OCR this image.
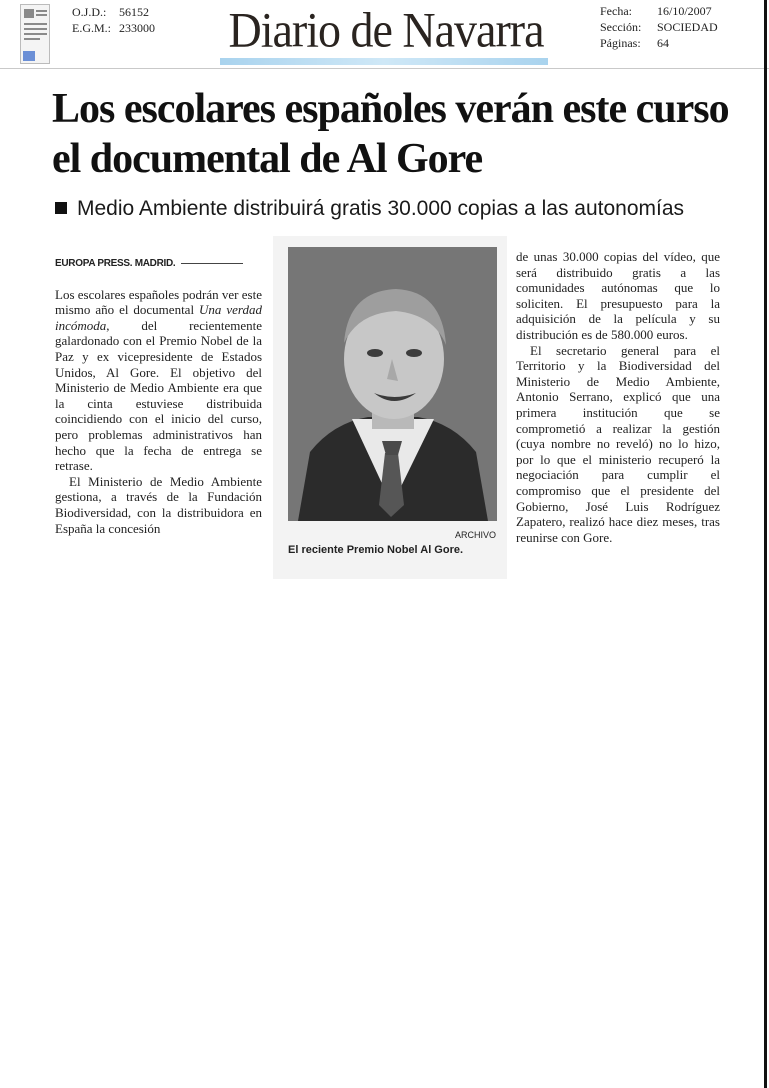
O.J.D.:	56152
E.G.M.: 233000 Diario de Navarra	Fecha:	16/10/2007
Sección:	SOCIEDAD
Páginas:	64
Los escolares españoles verán este curso el documental de Al Gore
Medio Ambiente distribuirá gratis 30.000 copias a las autonomías
EUROPA PRESS. MADRID.

Los escolares españoles podrán ver este mismo año el documental Una verdad incómoda, del recientemente galardonado con el Premio Nobel de la Paz y ex vicepresidente de Estados Unidos, Al Gore. El objetivo del Ministerio de Medio Ambiente era que la cinta estuviese distribuida coincidiendo con el inicio del curso, pero problemas administrativos han hecho que la fecha de entrega se retrase.

El Ministerio de Medio Ambiente gestiona, a través de la Fundación Biodiversidad, con la distribuidora en España la concesión	ARCHIVO
El reciente Premio Nobel Al Gore.

de unas 30.000 copias del vídeo, que será distribuido gratis a las comunidades autónomas que lo soliciten. El presupuesto para la adquisición de la película y su distribución es de 580.000 euros.

El secretario general para el Territorio y la Biodiversidad del Ministerio de Medio Ambiente, Antonio Serrano, explicó que una primera institución que se comprometió a realizar la gestión (cuya nombre no reveló) no lo hizo, por lo que el ministerio recuperó la negociación para cumplir el compromiso que el presidente del Gobierno, José Luis Rodríguez Zapatero, realizó hace diez meses, tras reunirse con Gore.
